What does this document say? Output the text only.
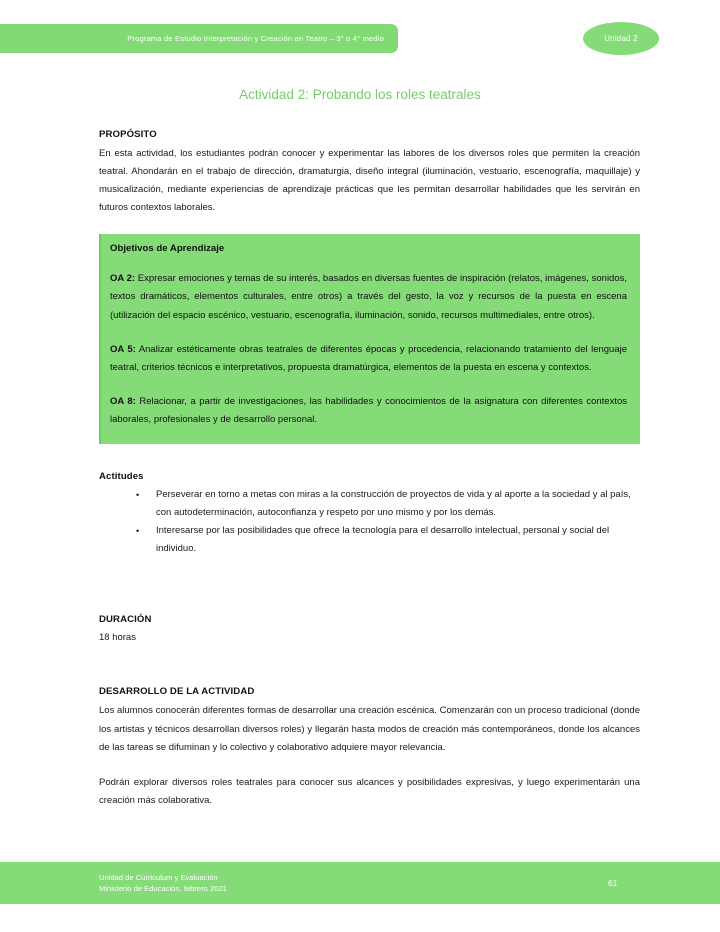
Programa de Estudio Interpretación y Creación en Teatro – 3° o 4° medio	Unidad 2
Actividad 2: Probando los roles teatrales
PROPÓSITO

En esta actividad, los estudiantes podrán conocer y experimentar las labores de los diversos roles que permiten la creación teatral. Ahondarán en el trabajo de dirección, dramaturgia, diseño integral (iluminación, vestuario, escenografía, maquillaje) y musicalización, mediante experiencias de aprendizaje prácticas que les permitan desarrollar habilidades que les servirán en futuros contextos laborales.

Objetivos de Aprendizaje

OA 2: Expresar emociones y temas de su interés, basados en diversas fuentes de inspiración (relatos, imágenes, sonidos, textos dramáticos, elementos culturales, entre otros) a través del gesto, la voz y recursos de la puesta en escena (utilización del espacio escénico, vestuario, escenografía, iluminación, sonido, recursos multimediales, entre otros).

OA 5: Analizar estéticamente obras teatrales de diferentes épocas y procedencia, relacionando tratamiento del lenguaje teatral, criterios técnicos e interpretativos, propuesta dramatúrgica, elementos de la puesta en escena y contextos.

OA 8: Relacionar, a partir de investigaciones, las habilidades y conocimientos de la asignatura con diferentes contextos laborales, profesionales y de desarrollo personal.

Actitudes
• Perseverar en torno a metas con miras a la construcción de proyectos de vida y al aporte a la sociedad y al país, con autodeterminación, autoconfianza y respeto por uno mismo y por los demás.
• Interesarse por las posibilidades que ofrece la tecnología para el desarrollo intelectual, personal y social del individuo.
DURACIÓN
18 horas
DESARROLLO DE LA ACTIVIDAD

Los alumnos conocerán diferentes formas de desarrollar una creación escénica. Comenzarán con un proceso tradicional (donde los artistas y técnicos desarrollan diversos roles) y llegarán hasta modos de creación más contemporáneos, donde los alcances de las tareas se difuminan y lo colectivo y colaborativo adquiere mayor relevancia.

Podrán explorar diversos roles teatrales para conocer sus alcances y posibilidades expresivas, y luego experimentarán una creación más colaborativa.

Unidad de Curriculum y Evaluación
Ministerio de Educación, febrero 2021
61
